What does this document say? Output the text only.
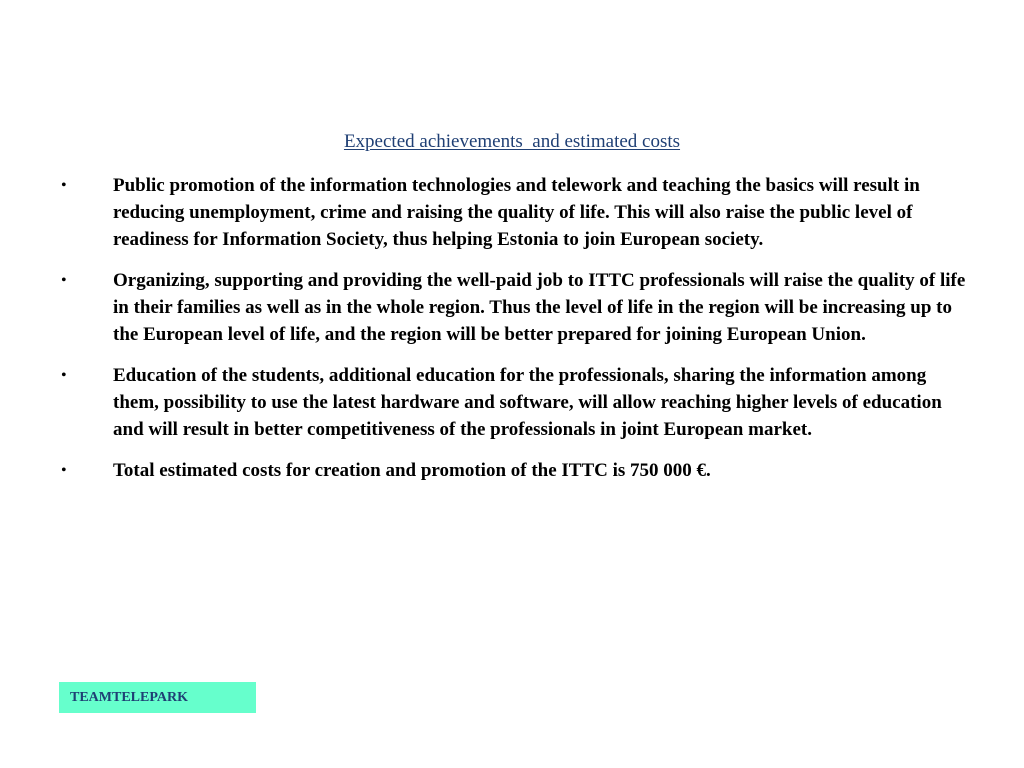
Expected achievements  and estimated costs
• Public promotion of the information technologies and telework and teaching the basics will result in reducing unemployment, crime and raising the quality of life. This will also raise the public level of readiness for Information Society, thus helping Estonia to join European society.
• Organizing, supporting and providing the well-paid job to ITTC professionals will raise the quality of life in their families as well as in the whole region. Thus the level of life in the region will be increasing up to the European level of life, and the region will be better prepared for joining European Union.
• Education of the students, additional education for the professionals, sharing the information among them, possibility to use the latest hardware and software, will allow reaching higher levels of education and will result in better competitiveness of the professionals in joint European market.
• Total estimated costs for creation and promotion of the ITTC is 750 000 €.
TEAMTELEPARK
